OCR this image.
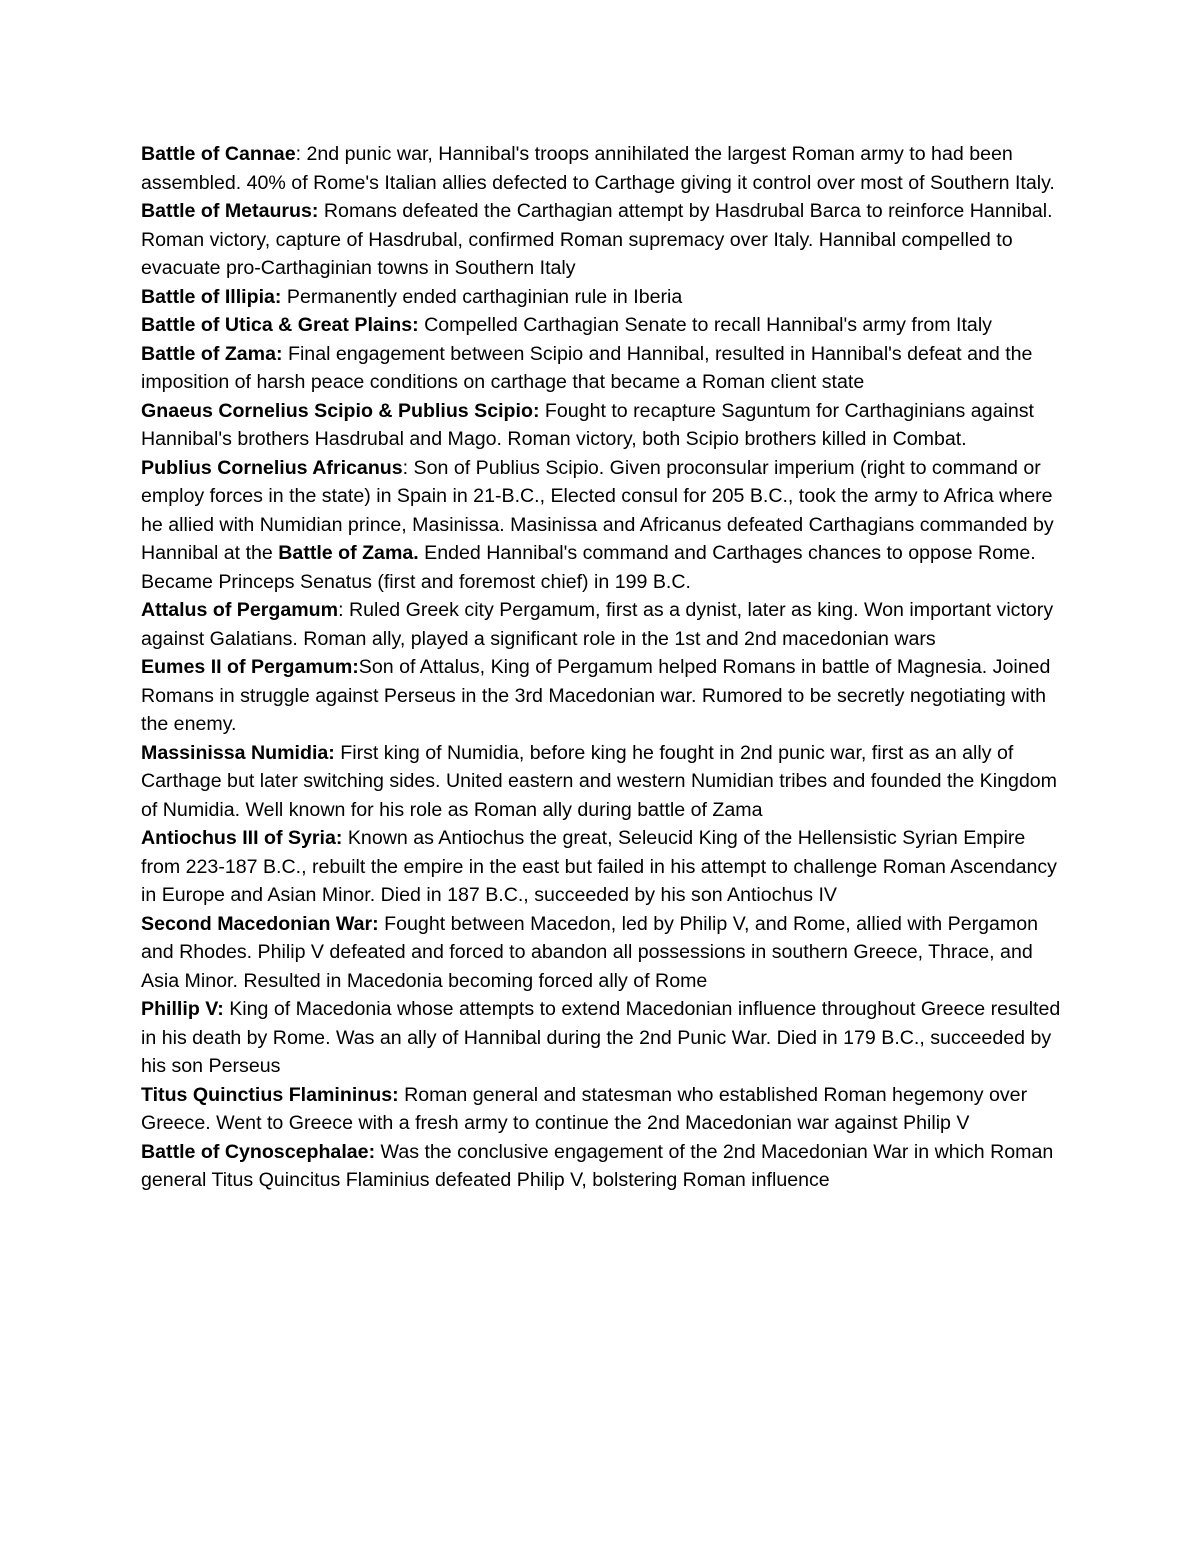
Battle of Cannae: 2nd punic war, Hannibal's troops annihilated the largest Roman army to had been assembled. 40% of Rome's Italian allies defected to Carthage giving it control over most of Southern Italy.

Battle of Metaurus: Romans defeated the Carthagian attempt by Hasdrubal Barca to reinforce Hannibal. Roman victory, capture of Hasdrubal, confirmed Roman supremacy over Italy. Hannibal compelled to evacuate pro-Carthaginian towns in Southern Italy

Battle of Illipia: Permanently ended carthaginian rule in Iberia

Battle of Utica & Great Plains: Compelled Carthagian Senate to recall Hannibal's army from Italy

Battle of Zama: Final engagement between Scipio and Hannibal, resulted in Hannibal's defeat and the imposition of harsh peace conditions on carthage that became a Roman client state

Gnaeus Cornelius Scipio & Publius Scipio: Fought to recapture Saguntum for Carthaginians against Hannibal's brothers Hasdrubal and Mago. Roman victory, both Scipio brothers killed in Combat.

Publius Cornelius Africanus: Son of Publius Scipio. Given proconsular imperium (right to command or employ forces in the state) in Spain in 21-B.C., Elected consul for 205 B.C., took the army to Africa where he allied with Numidian prince, Masinissa. Masinissa and Africanus defeated Carthagians commanded by Hannibal at the Battle of Zama. Ended Hannibal's command and Carthages chances to oppose Rome. Became Princeps Senatus (first and foremost chief) in 199 B.C.

Attalus of Pergamum: Ruled Greek city Pergamum, first as a dynist, later as king. Won important victory against Galatians. Roman ally, played a significant role in the 1st and 2nd macedonian wars

Eumes II of Pergamum:Son of Attalus, King of Pergamum helped Romans in battle of Magnesia. Joined Romans in struggle against Perseus in the 3rd Macedonian war. Rumored to be secretly negotiating with the enemy.

Massinissa Numidia: First king of Numidia, before king he fought in 2nd punic war, first as an ally of Carthage but later switching sides. United eastern and western Numidian tribes and founded the Kingdom of Numidia. Well known for his role as Roman ally during battle of Zama

Antiochus III of Syria: Known as Antiochus the great, Seleucid King of the Hellensistic Syrian Empire from 223-187 B.C., rebuilt the empire in the east but failed in his attempt to challenge Roman Ascendancy in Europe and Asian Minor. Died in 187 B.C., succeeded by his son Antiochus IV

Second Macedonian War: Fought between Macedon, led by Philip V, and Rome, allied with Pergamon and Rhodes. Philip V defeated and forced to abandon all possessions in southern Greece, Thrace, and Asia Minor. Resulted in Macedonia becoming forced ally of Rome

Phillip V: King of Macedonia whose attempts to extend Macedonian influence throughout Greece resulted in his death by Rome. Was an ally of Hannibal during the 2nd Punic War. Died in 179 B.C., succeeded by his son Perseus

Titus Quinctius Flamininus: Roman general and statesman who established Roman hegemony over Greece. Went to Greece with a fresh army to continue the 2nd Macedonian war against Philip V

Battle of Cynoscephalae: Was the conclusive engagement of the 2nd Macedonian War in which Roman general Titus Quincitus Flaminius defeated Philip V, bolstering Roman influence
